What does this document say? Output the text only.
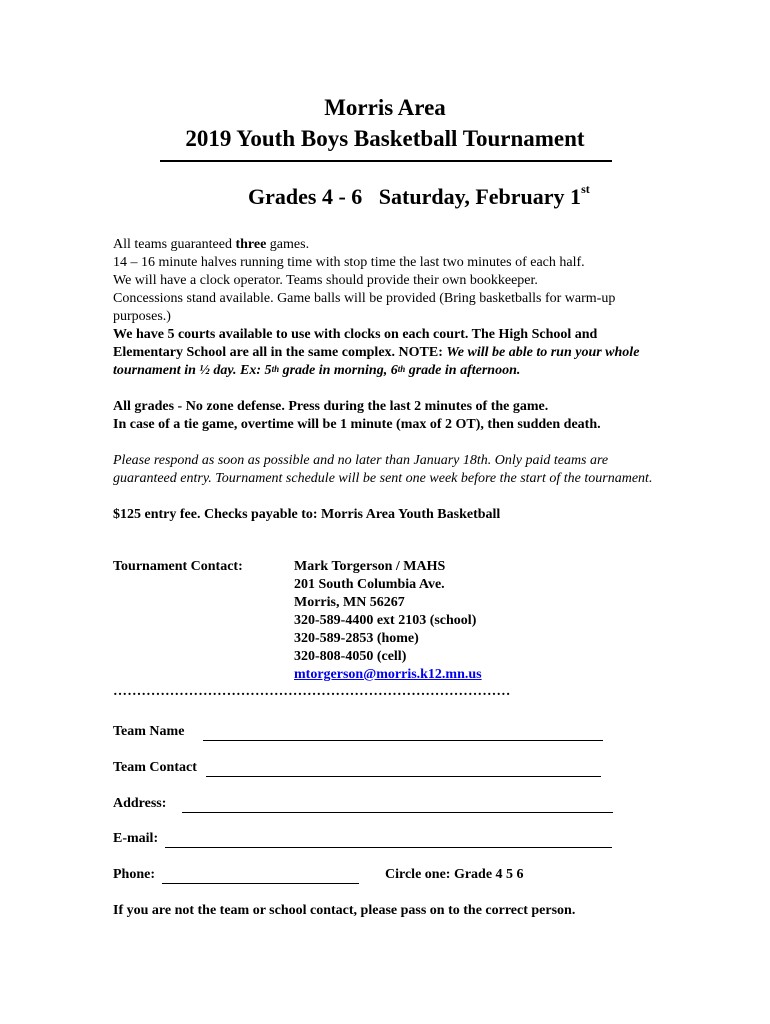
Morris Area
2019 Youth Boys Basketball Tournament
Grades 4 - 6 Saturday, February 1st

All teams guaranteed three games.

14 – 16 minute halves running time with stop time the last two minutes of each half.

We will have a clock operator. Teams should provide their own bookkeeper.

Concessions stand available. Game balls will be provided (Bring basketballs for warm-up purposes.)

We have 5 courts available to use with clocks on each court. The High School and Elementary School are all in the same complex. NOTE: We will be able to run your whole tournament in ½ day. Ex: 5th grade in morning, 6th grade in afternoon.

All grades - No zone defense. Press during the last 2 minutes of the game.

In case of a tie game, overtime will be 1 minute (max of 2 OT), then sudden death.

Please respond as soon as possible and no later than January 18th. Only paid teams are guaranteed entry. Tournament schedule will be sent one week before the start of the tournament.

$125 entry fee. Checks payable to: Morris Area Youth Basketball

Tournament Contact:	Mark Torgerson / MAHS
201 South Columbia Ave.
Morris, MN 56267
320-589-4400 ext 2103 (school)
320-589-2853 (home)
320-808-4050 (cell)
mtorgerson@morris.k12.mn.us
…………………………………………………………………………
Team Name
Team Contact
Address:
E-mail:
Phone:	Circle one: Grade 4 5 6
If you are not the team or school contact, please pass on to the correct person.
